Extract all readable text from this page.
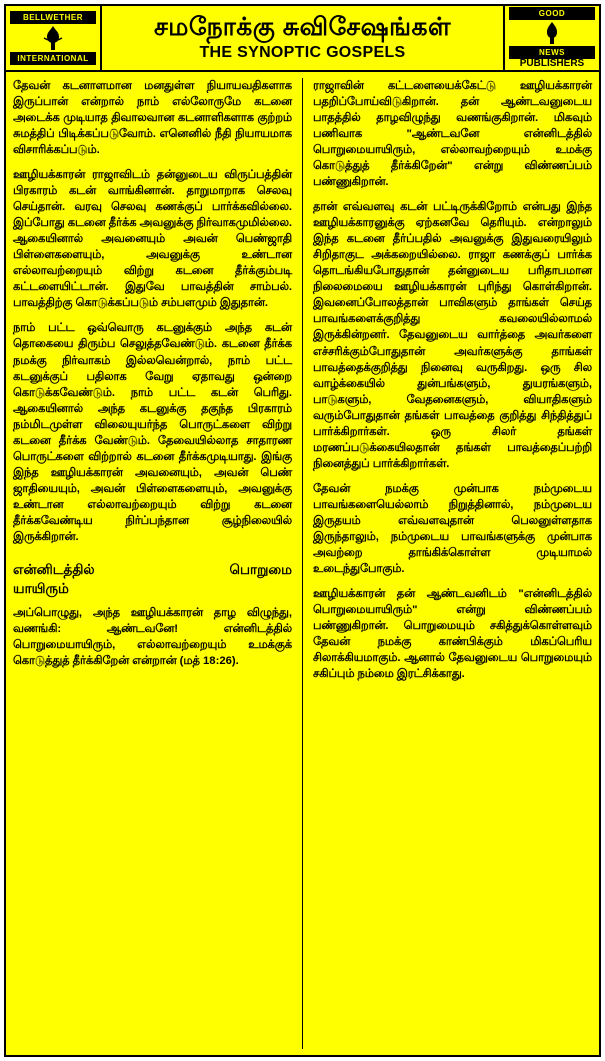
BELLWETHER
INTERNATIONAL
சமநோக்கு சுவிசேஷங்கள்
THE SYNOPTIC GOSPELS
GOOD
NEWS
PUBLISHERS

தேவன் கடனாளமான மனதுள்ள நியாயவதிகளாக இருப்பான் என்றால் நாம் எல்லோருமே கடனை அடைக்க முடியாத திவாலவான கடனாளிகளாக குற்றம் சுமத்திப் பிடிக்கப்படுவோம். எனெனில் நீதி நியாயமாக விசாரிக்கப்படும்.

ஊழியக்காரன் ராஜாவிடம் தன்னுடைய விருப்பத்தின் பிரகாரம் கடன் வாங்கினான். தாறுமாறாக செலவு செய்தான். வரவு செலவு கணக்குப் பார்க்கவில்லை. இப்போது கடனை தீர்க்க அவனுக்கு நிர்வாகமுமில்லை. ஆகையினால் அவனையும் அவன் பெண்ஜாதி பிள்ளைகளையும், அவனுக்கு உண்டான எல்லாவற்றையும் விற்று கடனை தீர்க்கும்படி கட்டளையிட்டான். இதுவே பாவத்தின் சாம்பல். பாவத்திற்கு கொடுக்கப்படும் சம்பளமும் இதுதான்.

நாம் பட்ட ஒவ்வொரு கடனுக்கும் அந்த கடன் தொகையை திரும்ப செலுத்தவேண்டும். கடனை தீர்க்க நமக்கு நிர்வாகம் இல்லவென்றால், நாம் பட்ட கடனுக்குப் பதிலாக வேறு ஏதாவது ஒன்றை கொடுக்கவேண்டும். நாம் பட்ட கடன் பெரிது. ஆகையினால் அந்த கடனுக்கு தகுந்த பிரகாரம் நம்மிடமுள்ள விலையுயர்ந்த பொருட்களை விற்று கடனை தீர்க்க வேண்டும். தேவையில்லாத சாதாரண பொருட்களை விற்றால் கடனை தீர்க்கமுடியாது. இங்கு இந்த ஊழியக்காரன் அவனையும், அவன் பெண் ஜாதியையும், அவன் பிள்ளைகளையும், அவனுக்கு உண்டான எல்லாவற்றையும் விற்று கடனை தீர்க்கவேண்டிய நிர்ப்பந்தான சூழ்நிலையில் இருக்கிறான்.

என்னிடத்தில்	பொறுமை
யாயிரும்

அப்பொழுது, அந்த ஊழியக்காரன் தாழ விழுந்து, வணங்கி: ஆண்டவனே! என்னிடத்தில் பொறுமையாயிரும், எல்லாவற்றையும் உமக்குக் கொடுத்துத் தீர்க்கிறேன் என்றான் (மத் 18:26).

ராஜாவின் கட்டளையைக்கேட்டு ஊழியக்காரன் பதறிப்போய்விடுகிறான். தன் ஆண்டவனுடைய பாதத்தில் தாழவிழுந்து வணங்குகிறான். மிகவும் பணிவாக "ஆண்டவனே என்னிடத்தில் பொறுமையாயிரும், எல்லாவற்றையும் உமக்கு கொடுத்துத் தீர்க்கிறேன்" என்று விண்ணப்பம் பண்ணுகிறான்.

தான் எவ்வளவு கடன் பட்டிருக்கிறோம் என்பது இந்த ஊழியக்காரனுக்கு ஏற்கனவே தெரியும். என்றாலும் இந்த கடனை தீர்ப்பதில் அவனுக்கு இதுவரையிலும் சிறிதாகுட அக்கறையில்லை. ராஜா கணக்குப் பார்க்க தொடங்கியபோதுதான் தன்னுடைய பரிதாபமான நிலைமையை ஊழியக்காரன் புரிந்து கொள்கிறான். இவனைப்போலத்தான் பாவிகளும் தாங்கள் செய்த பாவங்களைக்குறித்து கவலையில்லாமல் இருக்கின்றனர். தேவனுடைய வார்த்தை அவர்களை எச்சரிக்கும்போதுதான் அவர்களுக்கு தாங்கள் பாவத்தைக்குறித்து நினைவு வருகிறது. ஒரு சில வாழ்க்கையில் துன்பங்களும், துயரங்களும், பாடுகளும், வேதனைகளும், வியாதிகளும் வரும்போதுதான் தங்கள் பாவத்தை குறித்து சிந்தித்துப் பார்க்கிறார்கள். ஒரு சிலர் தங்கள் மரணப்படுக்கையிலதான் தங்கள் பாவத்தைப்பற்றி நினைத்துப் பார்க்கிறார்கள்.

தேவன் நமக்கு முன்பாக நம்முடைய பாவங்களையெல்லாம் நிறுத்தினால், நம்முடைய இருதயம் எவ்வளவுதான் பெலனுள்ளதாக இருந்தாலும், நம்முடைய பாவங்களுக்கு முன்பாக அவற்றை தாங்கிக்கொள்ள முடியாமல் உடைந்துபோகும்.

ஊழியக்காரன் தன் ஆண்டவனிடம் "என்னிடத்தில் பொறுமையாயிரும்" என்று விண்ணப்பம் பண்ணுகிறான். பொறுமையும் சகித்துக்கொள்ளவும் தேவன் நமக்கு காண்பிக்கும் மிகப்பெரிய சிலாக்கியமாகும். ஆனால் தேவனுடைய பொறுமையும் சகிப்பும் நம்மை இரட்சிக்காது.
